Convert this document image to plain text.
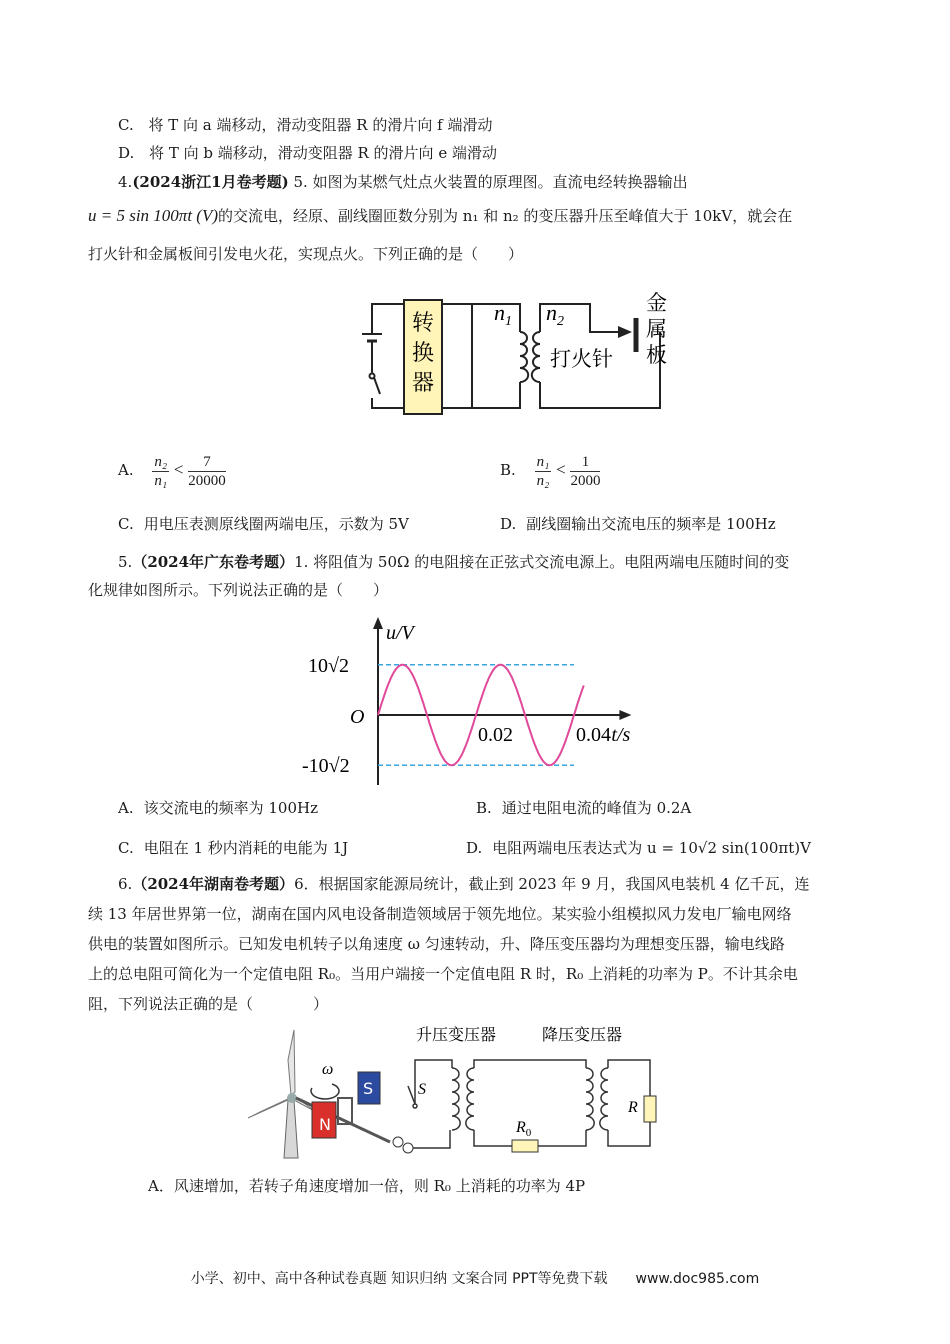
C. 将 T 向 a 端移动，滑动变阻器 R 的滑片向 f 端滑动
D. 将 T 向 b 端移动，滑动变阻器 R 的滑片向 e 端滑动
4.(2024浙江1月卷考题) 5. 如图为某燃气灶点火装置的原理图。直流电经转换器输出
u = 5 sin 100πt (V)的交流电，经原、副线圈匝数分别为 n₁ 和 n₂ 的变压器升压至峰值大于 10kV，就会在
打火针和金属板间引发电火花，实现点火。下列正确的是（　　）
转
换
器
$n_1$ $n_2$
打火针
金
属
板
A. $\frac{\text{n₂}}{\text{n₁}} < \frac{7}{20000}$	B. $\frac{\text{n₁}}{\text{n₂}} < \frac{1}{2000}$
C. 用电压表测原线圈两端电压，示数为 5V	D. 副线圈输出交流电压的频率是 100Hz
5.（2024年广东卷考题）1. 将阻值为 50Ω 的电阻接在正弦式交流电源上。电阻两端电压随时间的变
化规律如图所示。下列说法正确的是（　　）
u/V
t/s
O
10√2
-10√2
0.02	0.04
A. 该交流电的频率为 100Hz	B. 通过电阻电流的峰值为 0.2A
C. 电阻在 1 秒内消耗的电能为 1J	D. 电阻两端电压表达式为 u = 10√2 sin(100πt)V
6.（2024年湖南卷考题）6．根据国家能源局统计，截止到 2023 年 9 月，我国风电装机 4 亿千瓦，连
续 13 年居世界第一位，湖南在国内风电设备制造领域居于领先地位。某实验小组模拟风力发电厂输电网络
供电的装置如图所示。已知发电机转子以角速度 ω 匀速转动，升、降压变压器均为理想变压器，输电线路
上的总电阻可简化为一个定值电阻 R₀。当用户端接一个定值电阻 R 时，R₀ 上消耗的功率为 P。不计其余电
阻，下列说法正确的是（　　　　）
ω
N
S	S
$R_0$
R
升压变压器	降压变压器
A．风速增加，若转子角速度增加一倍，则 R₀ 上消耗的功率为 4P
小学、初中、高中各种试卷真题 知识归纳 文案合同 PPT等免费下载　　www.doc985.com
